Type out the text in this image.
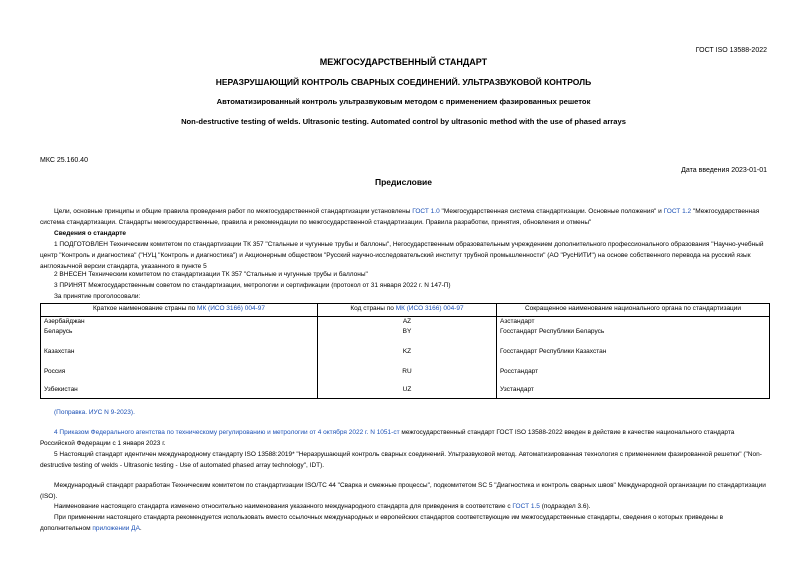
ГОСТ ISO 13588-2022
МЕЖГОСУДАРСТВЕННЫЙ СТАНДАРТ
НЕРАЗРУШАЮЩИЙ КОНТРОЛЬ СВАРНЫХ СОЕДИНЕНИЙ. УЛЬТРАЗВУКОВОЙ КОНТРОЛЬ
Автоматизированный контроль ультразвуковым методом с применением фазированных решеток
Non-destructive testing of welds. Ultrasonic testing. Automated control by ultrasonic method with the use of phased arrays
МКС 25.160.40
Дата введения 2023-01-01
Предисловие
Цели, основные принципы и общие правила проведения работ по межгосударственной стандартизации установлены ГОСТ 1.0 "Межгосударственная система стандартизации. Основные положения" и ГОСТ 1.2 "Межгосударственная система стандартизации. Стандарты межгосударственные, правила и рекомендации по межгосударственной стандартизации. Правила разработки, принятия, обновления и отмены"
Сведения о стандарте
1 ПОДГОТОВЛЕН Техническим комитетом по стандартизации ТК 357 "Стальные и чугунные трубы и баллоны", Негосударственным образовательным учреждением дополнительного профессионального образования "Научно-учебный центр "Контроль и диагностика" ("НУЦ "Контроль и диагностика") и Акционерным обществом "Русский научно-исследовательский институт трубной промышленности" (АО "РусНИТИ") на основе собственного перевода на русский язык англоязычной версии стандарта, указанного в пункте 5
2 ВНЕСЕН Техническим комитетом по стандартизации ТК 357 "Стальные и чугунные трубы и баллоны"
3 ПРИНЯТ Межгосударственным советом по стандартизации, метрологии и сертификации (протокол от 31 января 2022 г. N 147-П)
За принятие проголосовали:
Краткое наименование страны по МК (ИСО 3166) 004-97	Код страны по МК (ИСО 3166) 004-97	Сокращенное наименование национального органа по стандартизации
Азербайджан	AZ	Азстандарт
Беларусь	BY	Госстандарт Республики Беларусь
Казахстан	KZ	Госстандарт Республики Казахстан
Россия	RU	Росстандарт
Узбекистан	UZ	Узстандарт
(Поправка. ИУС N 9-2023).
4 Приказом Федерального агентства по техническому регулированию и метрологии от 4 октября 2022 г. N 1051-ст межгосударственный стандарт ГОСТ ISO 13588-2022 введен в действие в качестве национального стандарта Российской Федерации с 1 января 2023 г.
5 Настоящий стандарт идентичен международному стандарту ISO 13588:2019* "Неразрушающий контроль сварных соединений. Ультразвуковой метод. Автоматизированная технология с применением фазированной решетки" ("Non-destructive testing of welds - Ultrasonic testing - Use of automated phased array technology", IDT).
Международный стандарт разработан Техническим комитетом по стандартизации ISO/TC 44 "Сварка и смежные процессы", подкомитетом SC 5 "Диагностика и контроль сварных швов" Международной организации по стандартизации (ISO).
Наименование настоящего стандарта изменено относительно наименования указанного международного стандарта для приведения в соответствие с ГОСТ 1.5 (подраздел 3.6).
При применении настоящего стандарта рекомендуется использовать вместо ссылочных международных и европейских стандартов соответствующие им межгосударственные стандарты, сведения о которых приведены в дополнительном приложении ДА.
